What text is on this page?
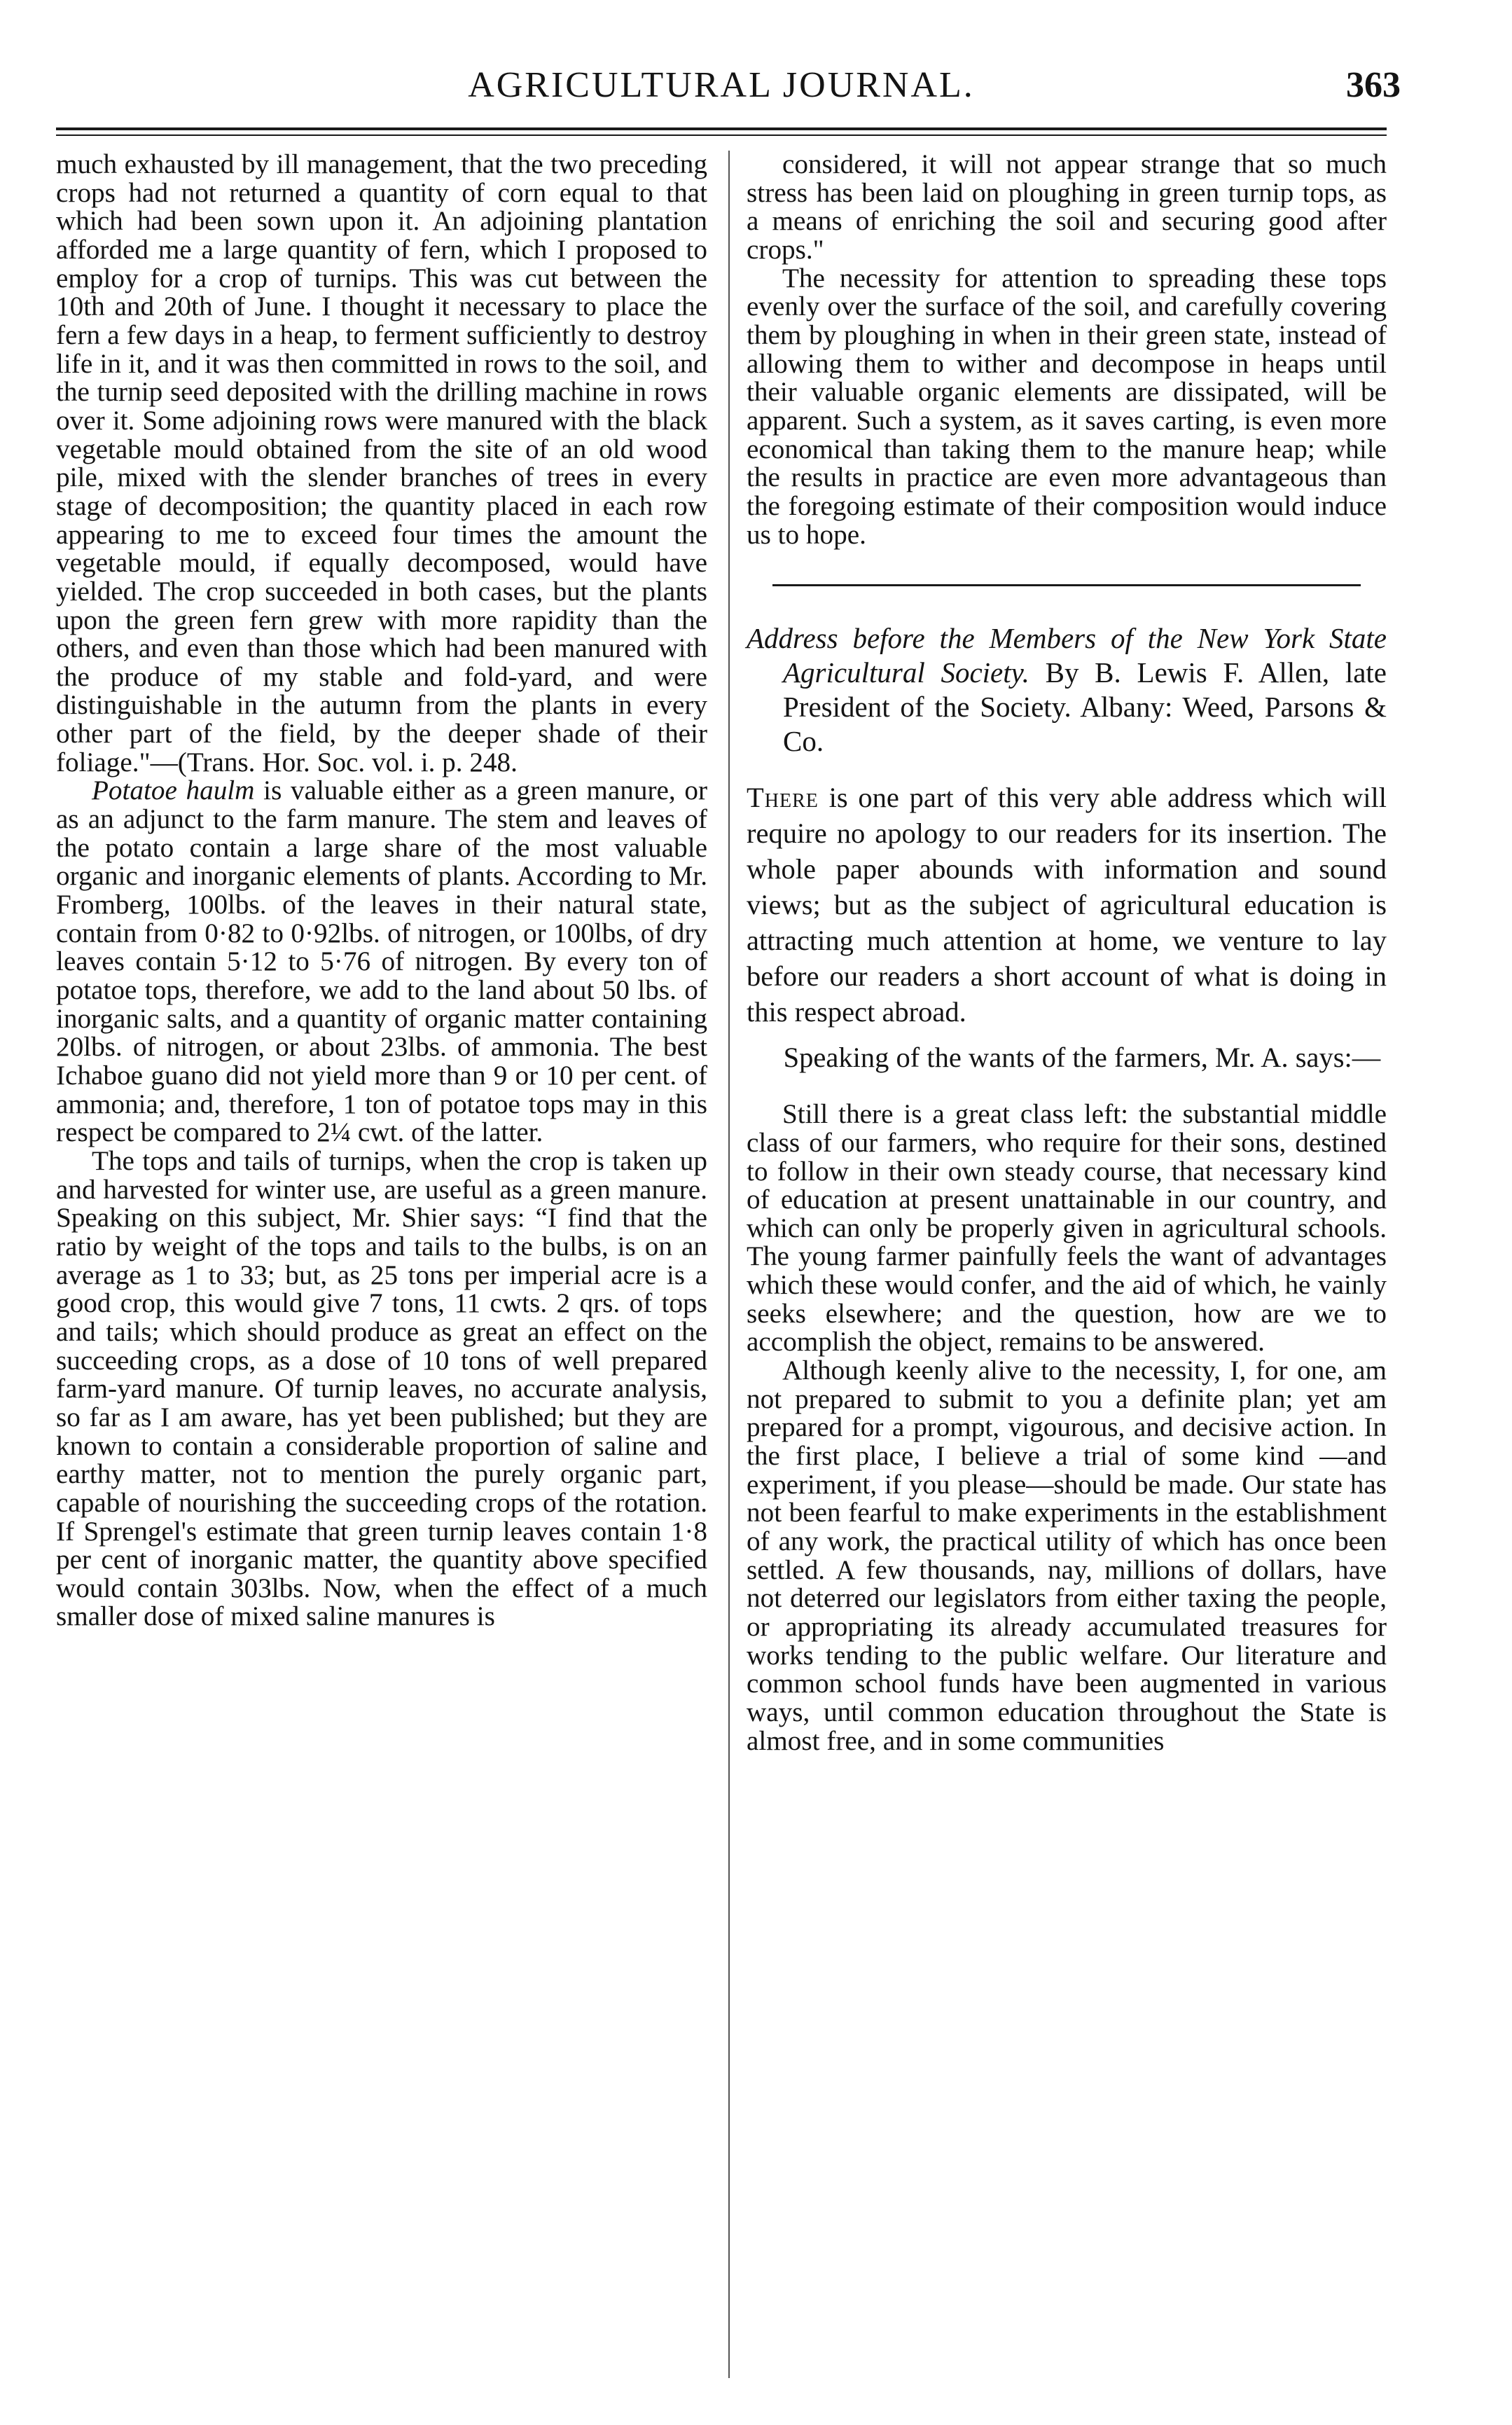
AGRICULTURAL JOURNAL.	363

much exhausted by ill management, that the two preceding crops had not returned a quantity of corn equal to that which had been sown upon it. An adjoining plantation afforded me a large quantity of fern, which I proposed to employ for a crop of turnips. This was cut between the 10th and 20th of June. I thought it necessary to place the fern a few days in a heap, to ferment sufficiently to destroy life in it, and it was then committed in rows to the soil, and the turnip seed deposited with the drilling machine in rows over it. Some adjoining rows were manured with the black vegetable mould obtained from the site of an old wood pile, mixed with the slender branches of trees in every stage of decomposition; the quantity placed in each row appearing to me to exceed four times the amount the vegetable mould, if equally decomposed, would have yielded. The crop succeeded in both cases, but the plants upon the green fern grew with more rapidity than the others, and even than those which had been manured with the produce of my stable and fold-yard, and were distinguishable in the autumn from the plants in every other part of the field, by the deeper shade of their foliage."—(Trans. Hor. Soc. vol. i. p. 248.

Potatoe haulm is valuable either as a green manure, or as an adjunct to the farm manure. The stem and leaves of the potato contain a large share of the most valuable organic and inorganic elements of plants. According to Mr. Fromberg, 100lbs. of the leaves in their natural state, contain from 0·82 to 0·92lbs. of nitrogen, or 100lbs, of dry leaves contain 5·12 to 5·76 of nitrogen. By every ton of potatoe tops, therefore, we add to the land about 50 lbs. of inorganic salts, and a quantity of organic matter containing 20lbs. of nitrogen, or about 23lbs. of ammonia. The best Ichaboe guano did not yield more than 9 or 10 per cent. of ammonia; and, therefore, 1 ton of potatoe tops may in this respect be compared to 2¼ cwt. of the latter.

The tops and tails of turnips, when the crop is taken up and harvested for winter use, are useful as a green manure. Speaking on this subject, Mr. Shier says: “I find that the ratio by weight of the tops and tails to the bulbs, is on an average as 1 to 33; but, as 25 tons per imperial acre is a good crop, this would give 7 tons, 11 cwts. 2 qrs. of tops and tails; which should produce as great an effect on the succeeding crops, as a dose of 10 tons of well prepared farm-yard manure. Of turnip leaves, no accurate analysis, so far as I am aware, has yet been published; but they are known to contain a considerable proportion of saline and earthy matter, not to mention the purely organic part, capable of nourishing the succeeding crops of the rotation. If Sprengel's estimate that green turnip leaves contain 1·8 per cent of inorganic matter, the quantity above specified would contain 303lbs. Now, when the effect of a much smaller dose of mixed saline manures is

considered, it will not appear strange that so much stress has been laid on ploughing in green turnip tops, as a means of enriching the soil and securing good after crops."

The necessity for attention to spreading these tops evenly over the surface of the soil, and carefully covering them by ploughing in when in their green state, instead of allowing them to wither and decompose in heaps until their valuable organic elements are dissipated, will be apparent. Such a system, as it saves carting, is even more economical than taking them to the manure heap; while the results in practice are even more advantageous than the foregoing estimate of their composition would induce us to hope.

Address before the Members of the New York State Agricultural Society. By B. Lewis F. Allen, late President of the Society. Albany: Weed, Parsons & Co.

There is one part of this very able address which will require no apology to our readers for its insertion. The whole paper abounds with information and sound views; but as the subject of agricultural education is attracting much attention at home, we venture to lay before our readers a short account of what is doing in this respect abroad.

Speaking of the wants of the farmers, Mr. A. says:—

Still there is a great class left: the substantial middle class of our farmers, who require for their sons, destined to follow in their own steady course, that necessary kind of education at present unattainable in our country, and which can only be properly given in agricultural schools. The young farmer painfully feels the want of advantages which these would confer, and the aid of which, he vainly seeks elsewhere; and the question, how are we to accomplish the object, remains to be answered.

Although keenly alive to the necessity, I, for one, am not prepared to submit to you a definite plan; yet am prepared for a prompt, vigourous, and decisive action. In the first place, I believe a trial of some kind —and experiment, if you please—should be made. Our state has not been fearful to make experiments in the establishment of any work, the practical utility of which has once been settled. A few thousands, nay, millions of dollars, have not deterred our legislators from either taxing the people, or appropriating its already accumulated treasures for works tending to the public welfare. Our literature and common school funds have been augmented in various ways, until common education throughout the State is almost free, and in some communities
